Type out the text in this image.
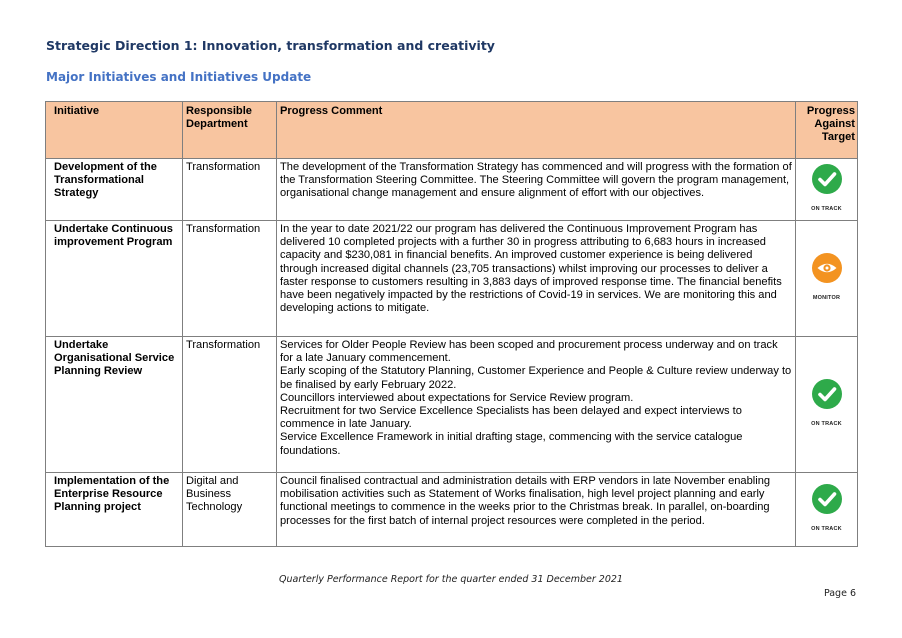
Strategic Direction 1: Innovation, transformation and creativity
Major Initiatives and Initiatives Update
Initiative	Responsible Department	Progress Comment	Progress Against Target
Development of the Transformational Strategy	Transformation	The development of the Transformation Strategy has commenced and will progress with the formation of the Transformation Steering Committee. The Steering Committee will govern the program management, organisational change management and ensure alignment of effort with our objectives.	ON TRACK

Undertake Continuous improvement Program	Transformation	In the year to date 2021/22 our program has delivered the Continuous Improvement Program has delivered 10 completed projects with a further 30 in progress attributing to 6,683 hours in increased capacity and $230,081 in financial benefits. An improved customer experience is being delivered through increased digital channels (23,705 transactions) whilst improving our processes to deliver a faster response to customers resulting in 3,883 days of improved response time. The financial benefits have been negatively impacted by the restrictions of Covid-19 in services. We are monitoring this and developing actions to mitigate.	MONITOR

Undertake Organisational Service Planning Review	Transformation	Services for Older People Review has been scoped and procurement process underway and on track for a late January commencement.

Early scoping of the Statutory Planning, Customer Experience and People & Culture review underway to be finalised by early February 2022.

Councillors interviewed about expectations for Service Review program.

Recruitment for two Service Excellence Specialists has been delayed and expect interviews to commence in late January.

Service Excellence Framework in initial drafting stage, commencing with the service catalogue foundations.	ON TRACK

Implementation of the Enterprise Resource Planning project	Digital and Business Technology	Council finalised contractual and administration details with ERP vendors in late November enabling mobilisation activities such as Statement of Works finalisation, high level project planning and early functional meetings to commence in the weeks prior to the Christmas break. In parallel, on-boarding processes for the first batch of internal project resources were completed in the period.	ON TRACK
Quarterly Performance Report for the quarter ended 31 December 2021
Page 6
